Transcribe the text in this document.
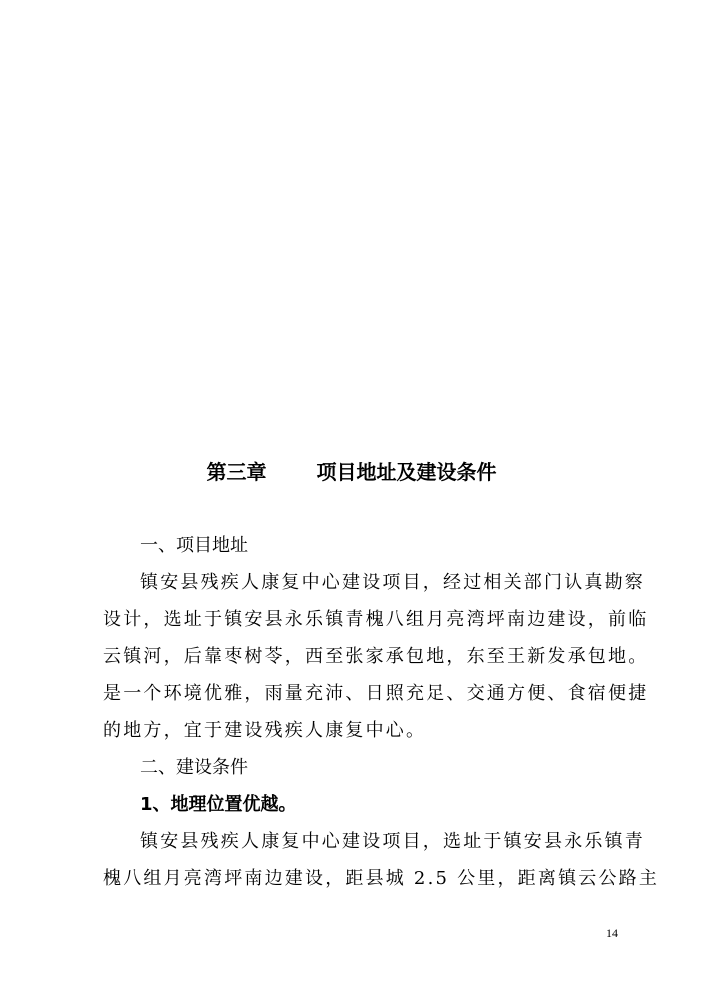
第三章	项目地址及建设条件
一、项目地址
镇安县残疾人康复中心建设项目，经过相关部门认真勘察
设计，选址于镇安县永乐镇青槐八组月亮湾坪南边建设，前临
云镇河，后靠枣树苓，西至张家承包地，东至王新发承包地。
是一个环境优雅，雨量充沛、日照充足、交通方便、食宿便捷
的地方，宜于建设残疾人康复中心。
二、建设条件
1、地理位置优越。
镇安县残疾人康复中心建设项目，选址于镇安县永乐镇青
槐八组月亮湾坪南边建设，距县城 2.5 公里，距离镇云公路主
14
